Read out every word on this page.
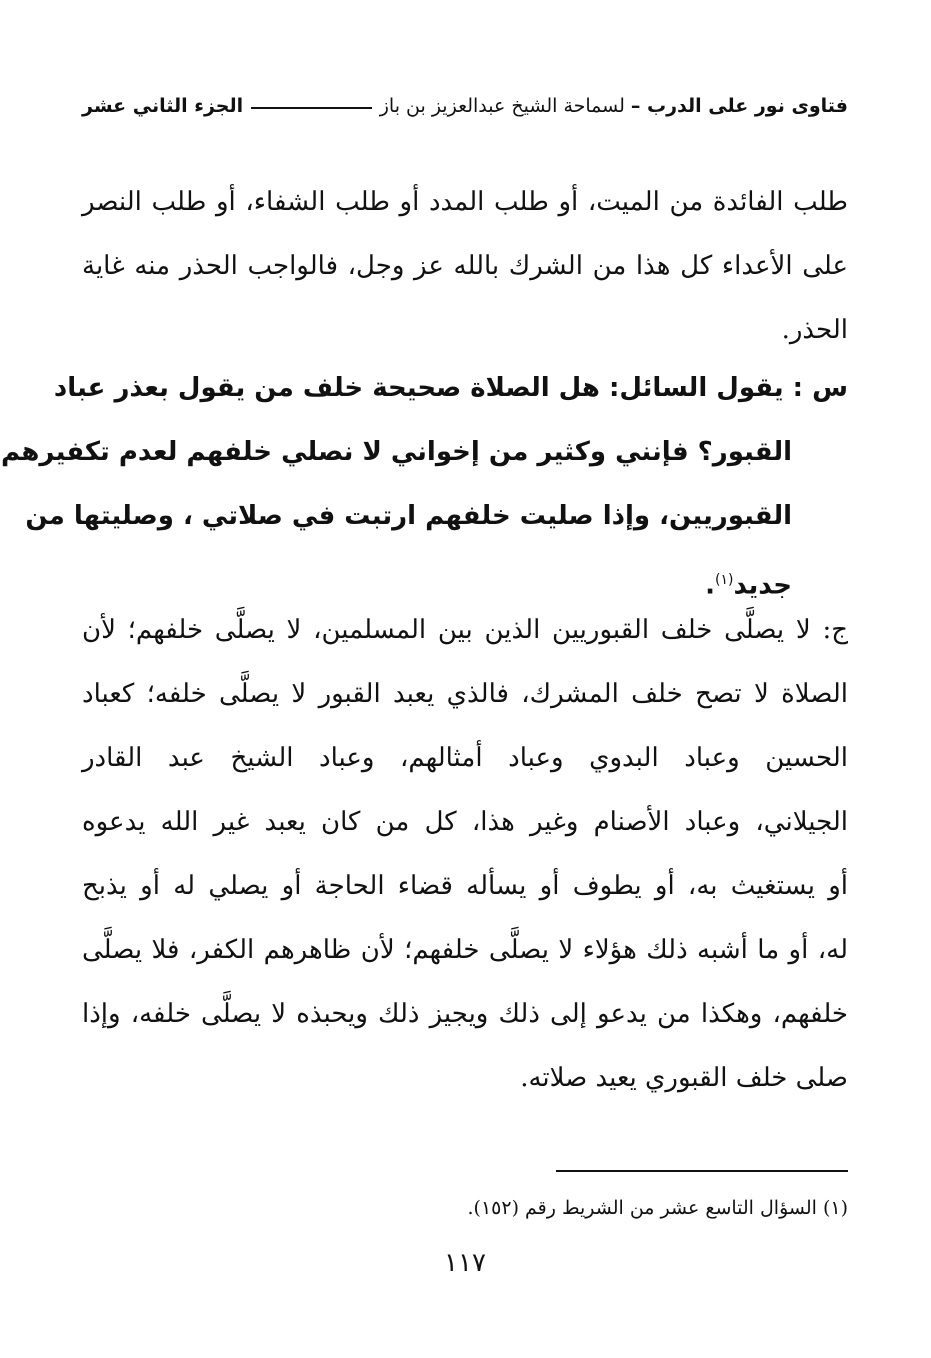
فتاوى نور على الدرب –
لسماحة الشيخ عبدالعزيز بن باز
الجزء الثاني عشر
طلب الفائدة من الميت، أو طلب المدد أو طلب الشفاء، أو طلب النصر
على الأعداء كل هذا من الشرك بالله عز وجل، فالواجب الحذر منه غاية
الحذر.
س : يقول السائل: هل الصلاة صحيحة خلف من يقول بعذر عباد
القبور؟ فإنني وكثير من إخواني لا نصلي خلفهم لعدم تكفيرهم
القبوريين، وإذا صليت خلفهم ارتبت في صلاتي ، وصليتها من
جديد$^{(١)}$.
ج: لا يصلَّى خلف القبوريين الذين بين المسلمين، لا يصلَّى خلفهم؛ لأن
الصلاة لا تصح خلف المشرك، فالذي يعبد القبور لا يصلَّى خلفه؛ كعباد
الحسين وعباد البدوي وعباد أمثالهم، وعباد الشيخ عبد القادر
الجيلاني، وعباد الأصنام وغير هذا، كل من كان يعبد غير الله يدعوه
أو يستغيث به، أو يطوف أو يسأله قضاء الحاجة أو يصلي له أو يذبح
له، أو ما أشبه ذلك هؤلاء لا يصلَّى خلفهم؛ لأن ظاهرهم الكفر، فلا يصلَّى
خلفهم، وهكذا من يدعو إلى ذلك ويجيز ذلك ويحبذه لا يصلَّى خلفه، وإذا
صلى خلف القبوري يعيد صلاته.
(١) السؤال التاسع عشر من الشريط رقم (١٥٢).
١١٧
